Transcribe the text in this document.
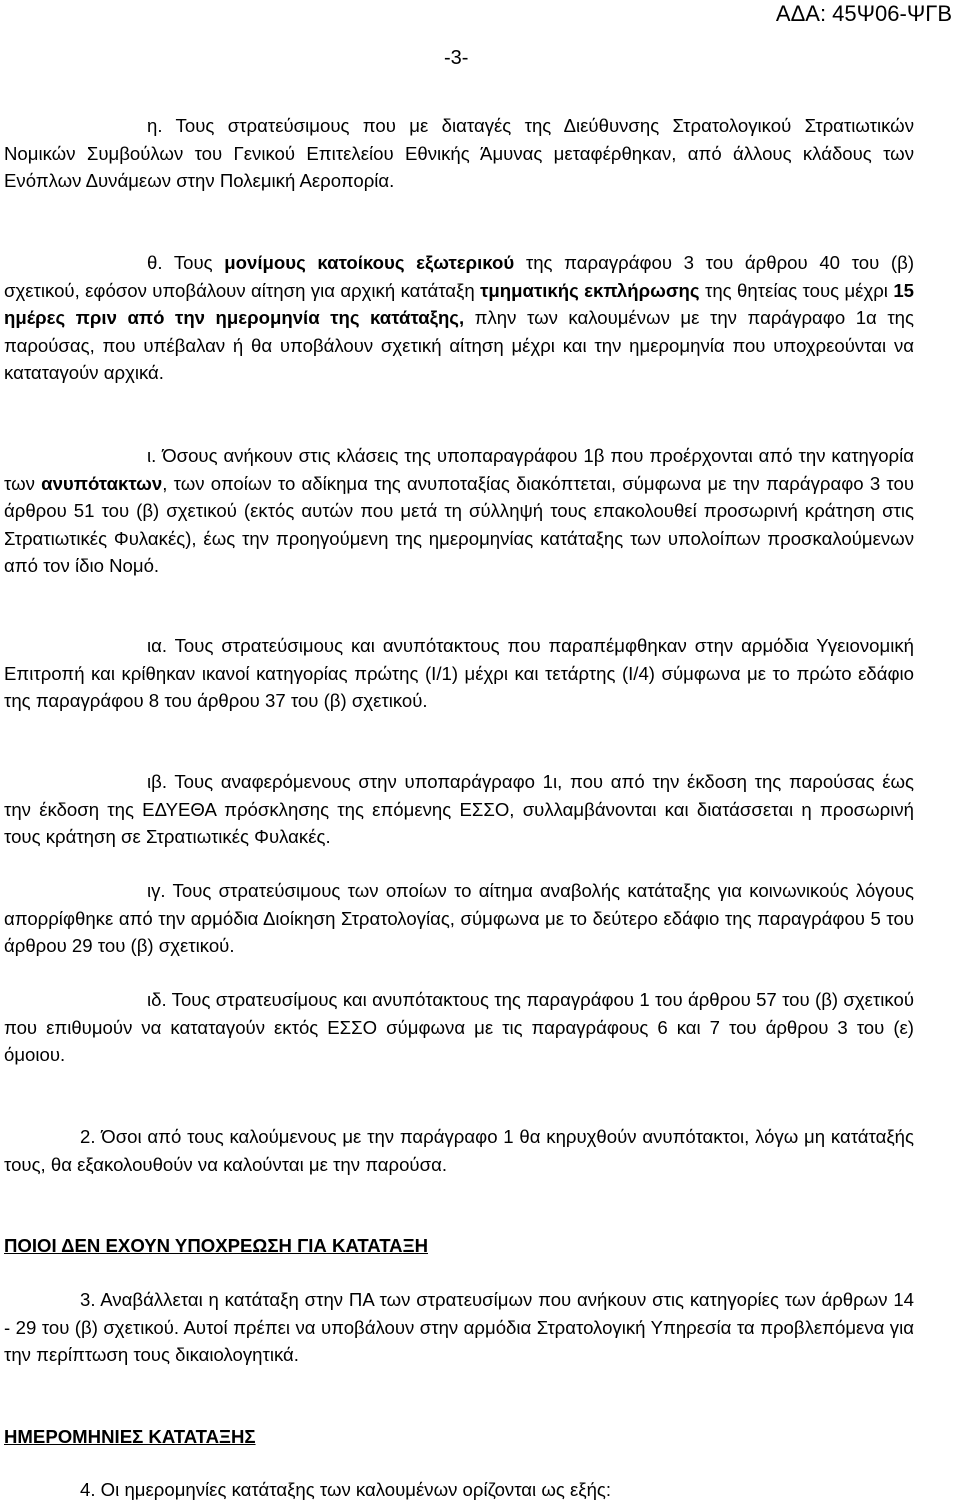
ΑΔΑ: 45Ψ06-ΨΓΒ
-3-

η. Τους στρατεύσιμους που με διαταγές της Διεύθυνσης Στρατολογικού Στρατιωτικών Νομικών Συμβούλων του Γενικού Επιτελείου Εθνικής Άμυνας μεταφέρθηκαν, από άλλους κλάδους των Ενόπλων Δυνάμεων στην Πολεμική Αεροπορία.

θ. Τους μονίμους κατοίκους εξωτερικού της παραγράφου 3 του άρθρου 40 του (β) σχετικού, εφόσον υποβάλουν αίτηση για αρχική κατάταξη τμηματικής εκπλήρωσης της θητείας τους μέχρι 15 ημέρες πριν από την ημερομηνία της κατάταξης, πλην των καλουμένων με την παράγραφο 1α της παρούσας, που υπέβαλαν ή θα υποβάλουν σχετική αίτηση μέχρι και την ημερομηνία που υποχρεούνται να καταταγούν αρχικά.

ι. Όσους ανήκουν στις κλάσεις της υποπαραγράφου 1β που προέρχονται από την κατηγορία των ανυπότακτων, των οποίων το αδίκημα της ανυποταξίας διακόπτεται, σύμφωνα με την παράγραφο 3 του άρθρου 51 του (β) σχετικού (εκτός αυτών που μετά τη σύλληψή τους επακολουθεί προσωρινή κράτηση στις Στρατιωτικές Φυλακές), έως την προηγούμενη της ημερομηνίας κατάταξης των υπολοίπων προσκαλούμενων από τον ίδιο Νομό.

ια. Τους στρατεύσιμους και ανυπότακτους που παραπέμφθηκαν στην αρμόδια Υγειονομική Επιτροπή και κρίθηκαν ικανοί κατηγορίας πρώτης (Ι/1) μέχρι και τετάρτης (Ι/4) σύμφωνα με το πρώτο εδάφιο της παραγράφου 8 του άρθρου 37 του (β) σχετικού.

ιβ. Τους αναφερόμενους στην υποπαράγραφο 1ι, που από την έκδοση της παρούσας έως την έκδοση της ΕΔΥΕΘΑ πρόσκλησης της επόμενης ΕΣΣΟ, συλλαμβάνονται και διατάσσεται η προσωρινή τους κράτηση σε Στρατιωτικές Φυλακές.

ιγ. Τους στρατεύσιμους των οποίων το αίτημα αναβολής κατάταξης για κοινωνικούς λόγους απορρίφθηκε από την αρμόδια Διοίκηση Στρατολογίας, σύμφωνα με το δεύτερο εδάφιο της παραγράφου 5 του άρθρου 29 του (β) σχετικού.

ιδ. Τους στρατευσίμους και ανυπότακτους της παραγράφου 1 του άρθρου 57 του (β) σχετικού που επιθυμούν να καταταγούν εκτός ΕΣΣΟ σύμφωνα με τις παραγράφους 6 και 7 του άρθρου 3 του (ε) όμοιου.

2. Όσοι από τους καλούμενους με την παράγραφο 1 θα κηρυχθούν ανυπότακτοι, λόγω μη κατάταξής τους, θα εξακολουθούν να καλούνται με την παρούσα.

ΠΟΙΟΙ ΔΕΝ ΕΧΟΥΝ ΥΠΟΧΡΕΩΣΗ ΓΙΑ ΚΑΤΑΤΑΞΗ

3. Αναβάλλεται η κατάταξη στην ΠΑ των στρατευσίμων που ανήκουν στις κατηγορίες των άρθρων 14 - 29 του (β) σχετικού. Αυτοί πρέπει να υποβάλουν στην αρμόδια Στρατολογική Υπηρεσία τα προβλεπόμενα για την περίπτωση τους δικαιολογητικά.

ΗΜΕΡΟΜΗΝΙΕΣ ΚΑΤΑΤΑΞΗΣ

4. Οι ημερομηνίες κατάταξης των καλουμένων ορίζονται ως εξής:
